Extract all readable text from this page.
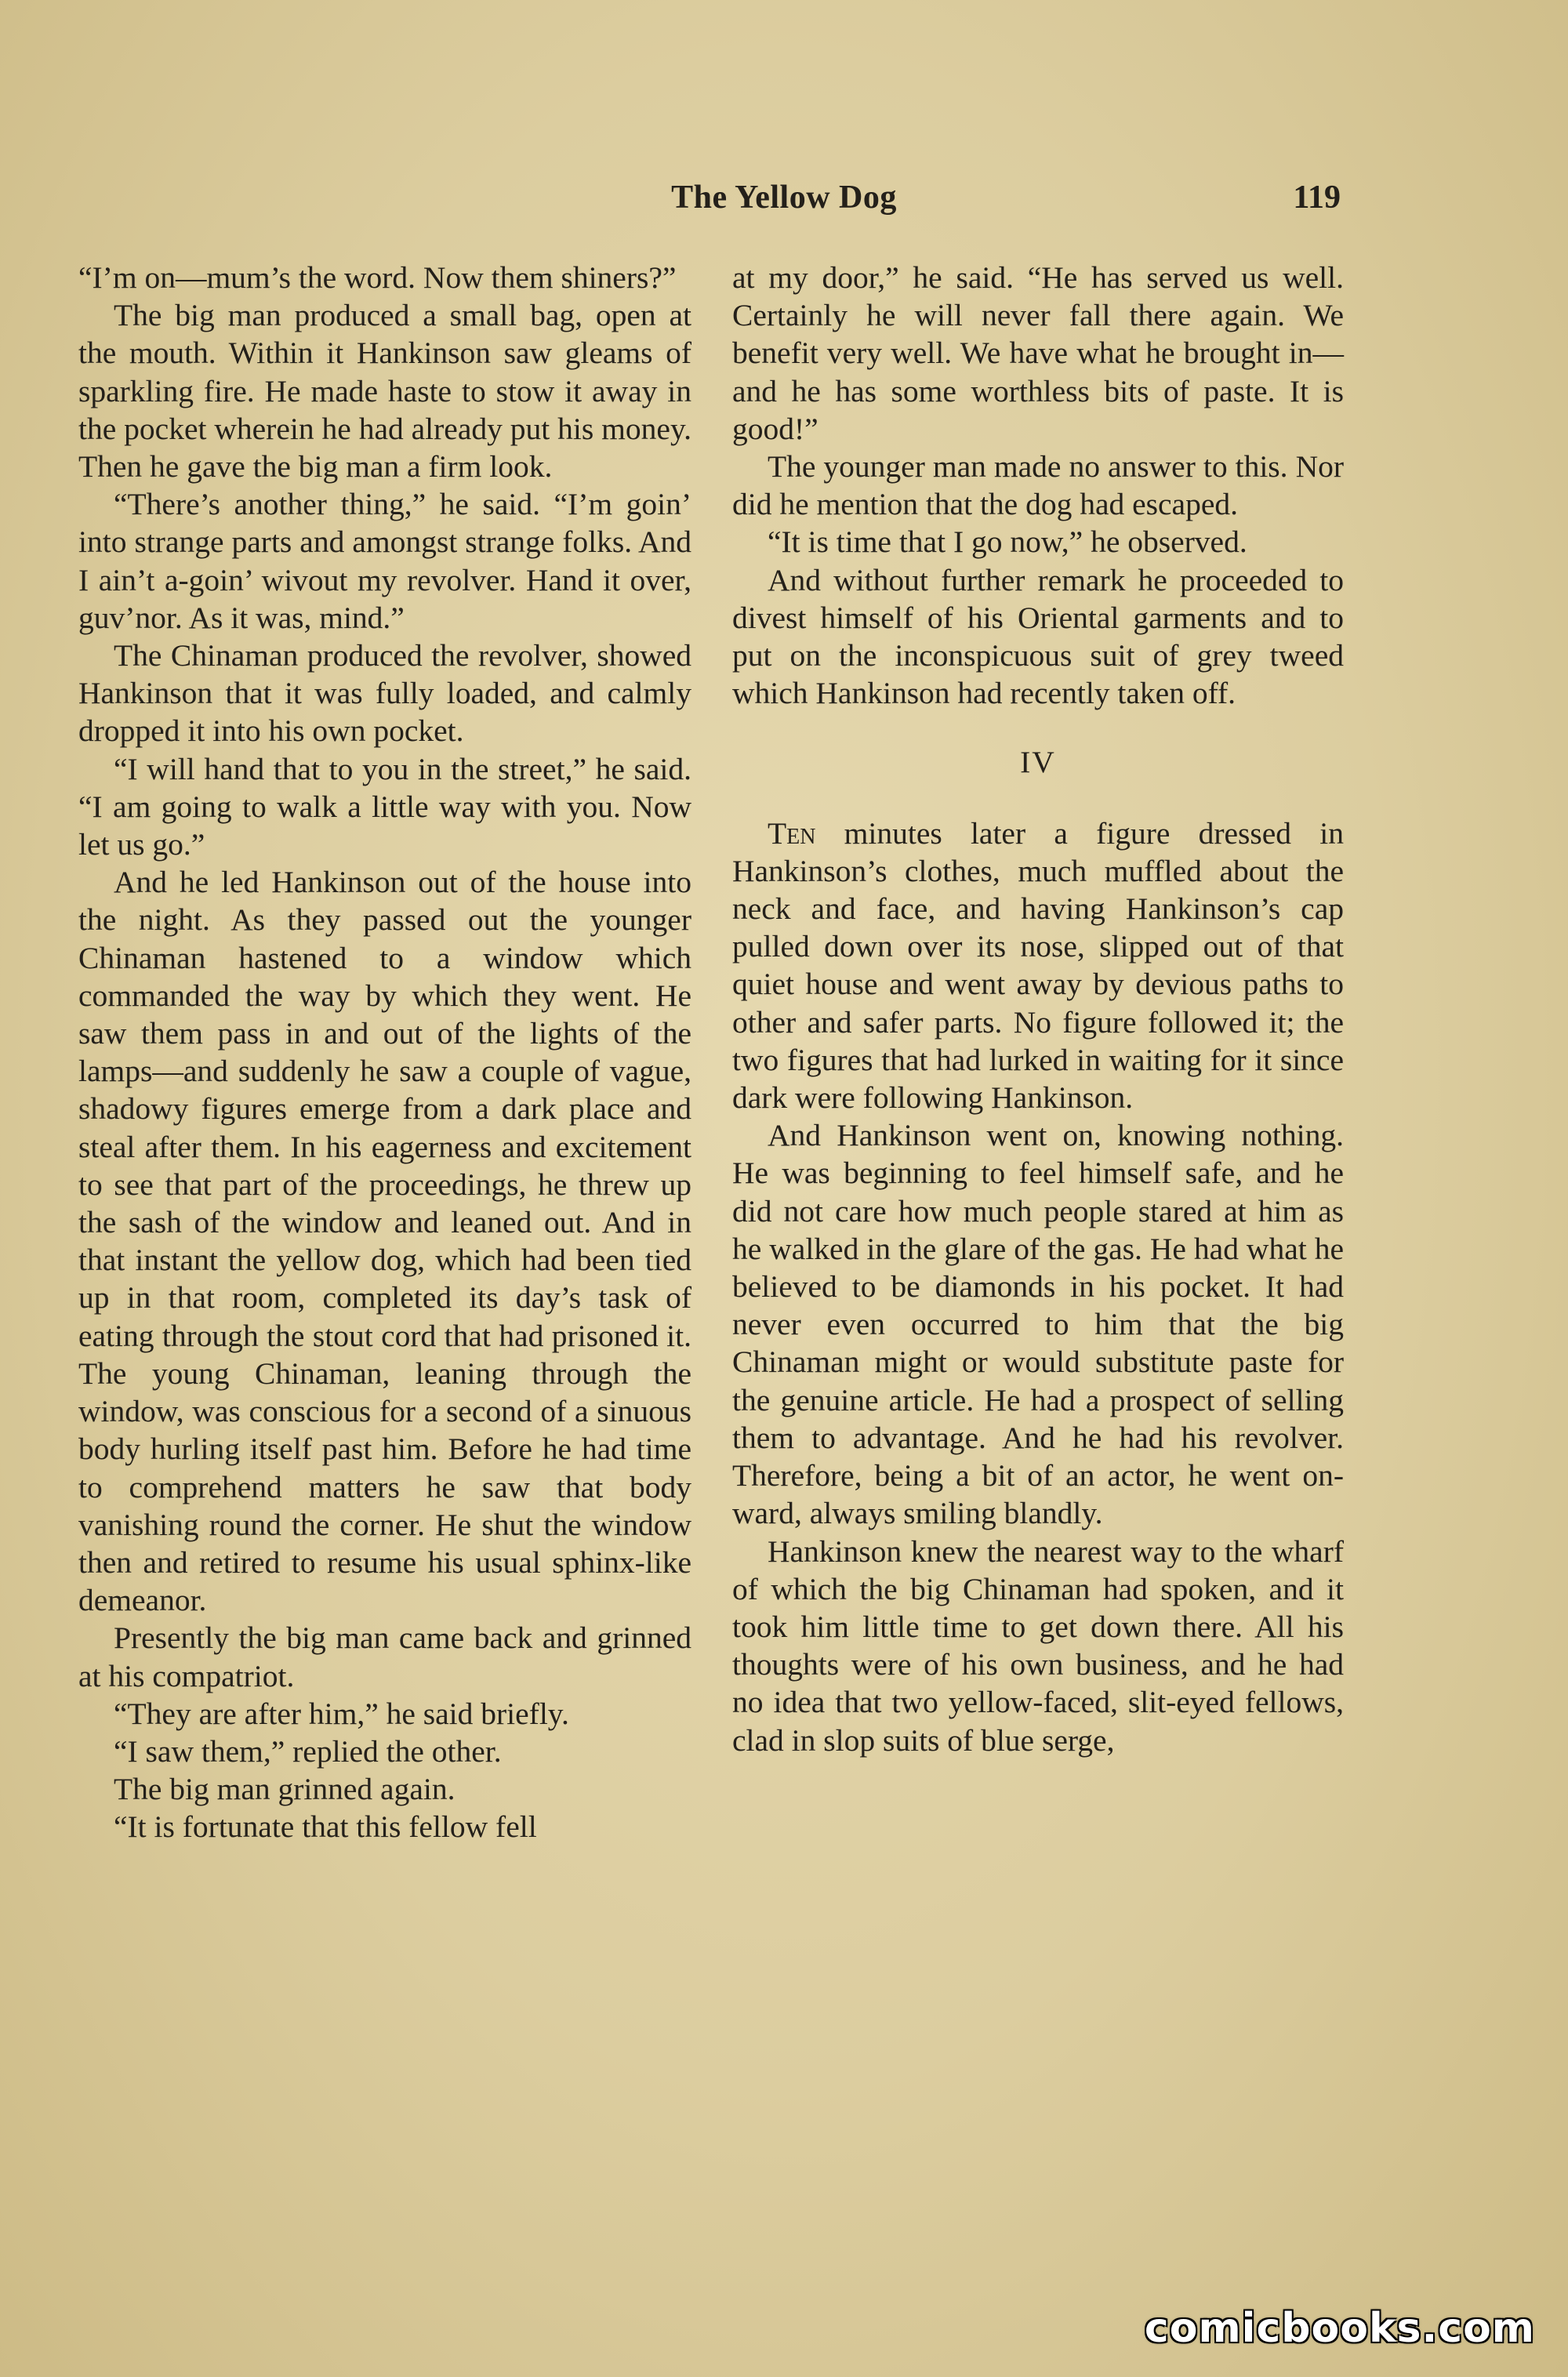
The Yellow Dog	119

“I’m on—mum’s the word. Now them shiners?”

The big man produced a small bag, open at the mouth. Within it Hankinson saw gleams of sparkling fire. He made haste to stow it away in the pocket wherein he had already put his money. Then he gave the big man a firm look.

“There’s another thing,” he said. “I’m goin’ into strange parts and amongst strange folks. And I ain’t a-goin’ wivout my revolver. Hand it over, guv’nor. As it was, mind.”

The Chinaman produced the revolver, showed Hankinson that it was fully loaded, and calmly dropped it into his own pocket.

“I will hand that to you in the street,” he said. “I am going to walk a little way with you. Now let us go.”

And he led Hankinson out of the house into the night. As they passed out the younger Chinaman hastened to a window which commanded the way by which they went. He saw them pass in and out of the lights of the lamps—and suddenly he saw a couple of vague, shadowy figures emerge from a dark place and steal after them. In his eagerness and excitement to see that part of the proceedings, he threw up the sash of the window and leaned out. And in that instant the yellow dog, which had been tied up in that room, completed its day’s task of eating through the stout cord that had prisoned it. The young Chinaman, leaning through the window, was conscious for a second of a sinuous body hurling itself past him. Before he had time to comprehend matters he saw that body vanishing round the corner. He shut the window then and retired to resume his usual sphinx-like demeanor.

Presently the big man came back and grinned at his compatriot.

“They are after him,” he said briefly.

“I saw them,” replied the other.

The big man grinned again.

“It is fortunate that this fellow fell

at my door,” he said. “He has served us well. Certainly he will never fall there again. We benefit very well. We have what he brought in—and he has some worthless bits of paste. It is good!”

The younger man made no answer to this. Nor did he mention that the dog had escaped.

“It is time that I go now,” he observed.

And without further remark he proceeded to divest himself of his Oriental garments and to put on the inconspicuous suit of grey tweed which Hankinson had recently taken off.

IV

Ten minutes later a figure dressed in Hankinson’s clothes, much muffled about the neck and face, and having Hankinson’s cap pulled down over its nose, slipped out of that quiet house and went away by devious paths to other and safer parts. No figure followed it; the two figures that had lurked in waiting for it since dark were following Hankinson.

And Hankinson went on, knowing nothing. He was beginning to feel himself safe, and he did not care how much people stared at him as he walked in the glare of the gas. He had what he believed to be diamonds in his pocket. It had never even occurred to him that the big Chinaman might or would substitute paste for the genuine article. He had a prospect of selling them to advantage. And he had his revolver. Therefore, being a bit of an actor, he went onward, always smiling blandly.

Hankinson knew the nearest way to the wharf of which the big Chinaman had spoken, and it took him little time to get down there. All his thoughts were of his own business, and he had no idea that two yellow-faced, slit-eyed fellows, clad in slop suits of blue serge,

comicbooks.com
